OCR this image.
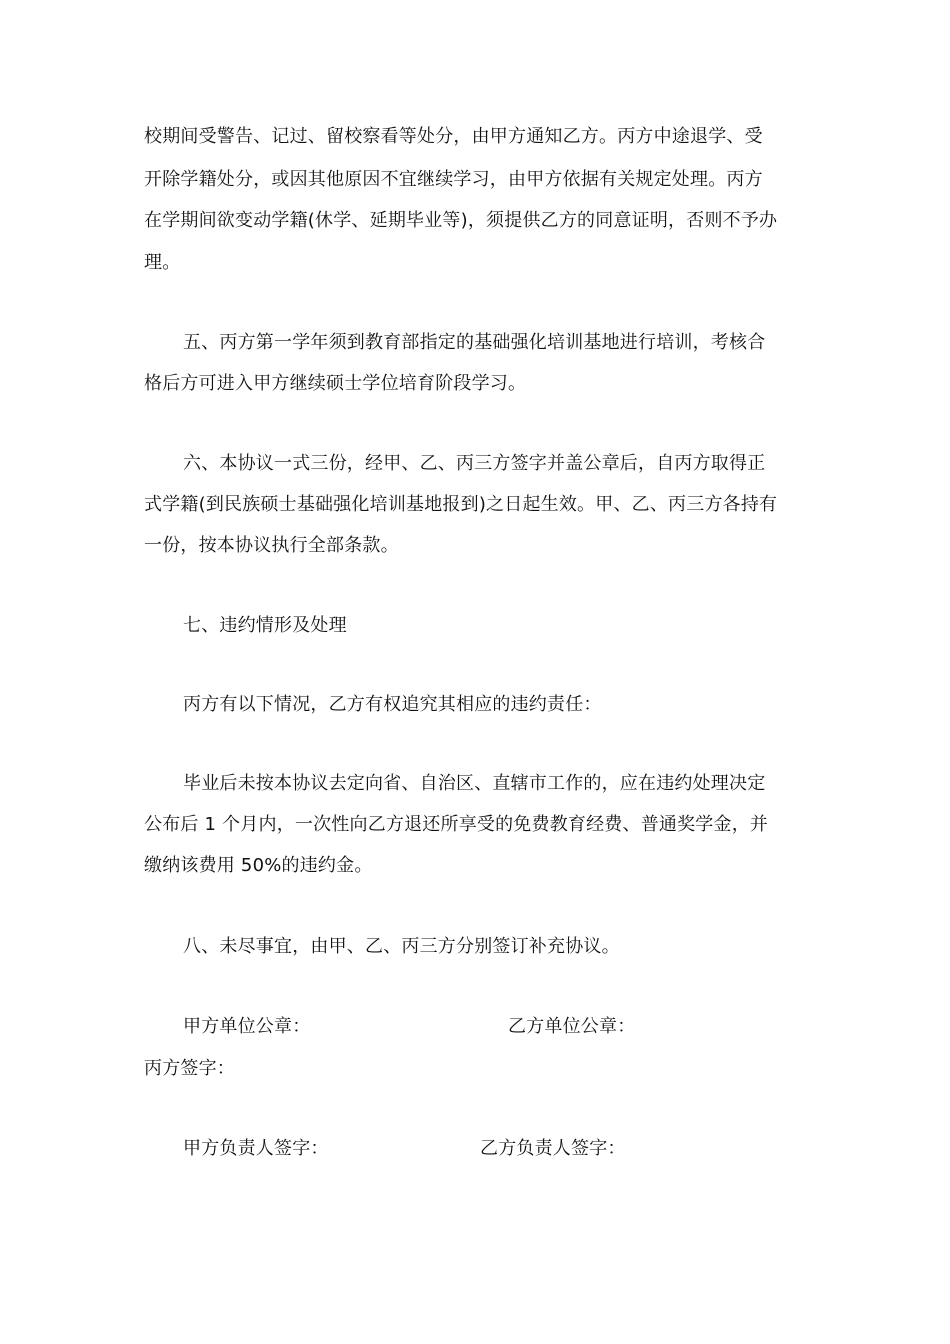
校期间受警告、记过、留校察看等处分，由甲方通知乙方。丙方中途退学、受
开除学籍处分，或因其他原因不宜继续学习，由甲方依据有关规定处理。丙方
在学期间欲变动学籍(休学、延期毕业等)，须提供乙方的同意证明，否则不予办
理。
五、丙方第一学年须到教育部指定的基础强化培训基地进行培训，考核合
格后方可进入甲方继续硕士学位培育阶段学习。
六、本协议一式三份，经甲、乙、丙三方签字并盖公章后，自丙方取得正
式学籍(到民族硕士基础强化培训基地报到)之日起生效。甲、乙、丙三方各持有
一份，按本协议执行全部条款。
七、违约情形及处理
丙方有以下情况，乙方有权追究其相应的违约责任：
毕业后未按本协议去定向省、自治区、直辖市工作的，应在违约处理决定
公布后 1 个月内，一次性向乙方退还所享受的免费教育经费、普通奖学金，并
缴纳该费用 50%的违约金。
八、未尽事宜，由甲、乙、丙三方分别签订补充协议。
甲方单位公章：	乙方单位公章：
丙方签字：
甲方负责人签字：	乙方负责人签字：
